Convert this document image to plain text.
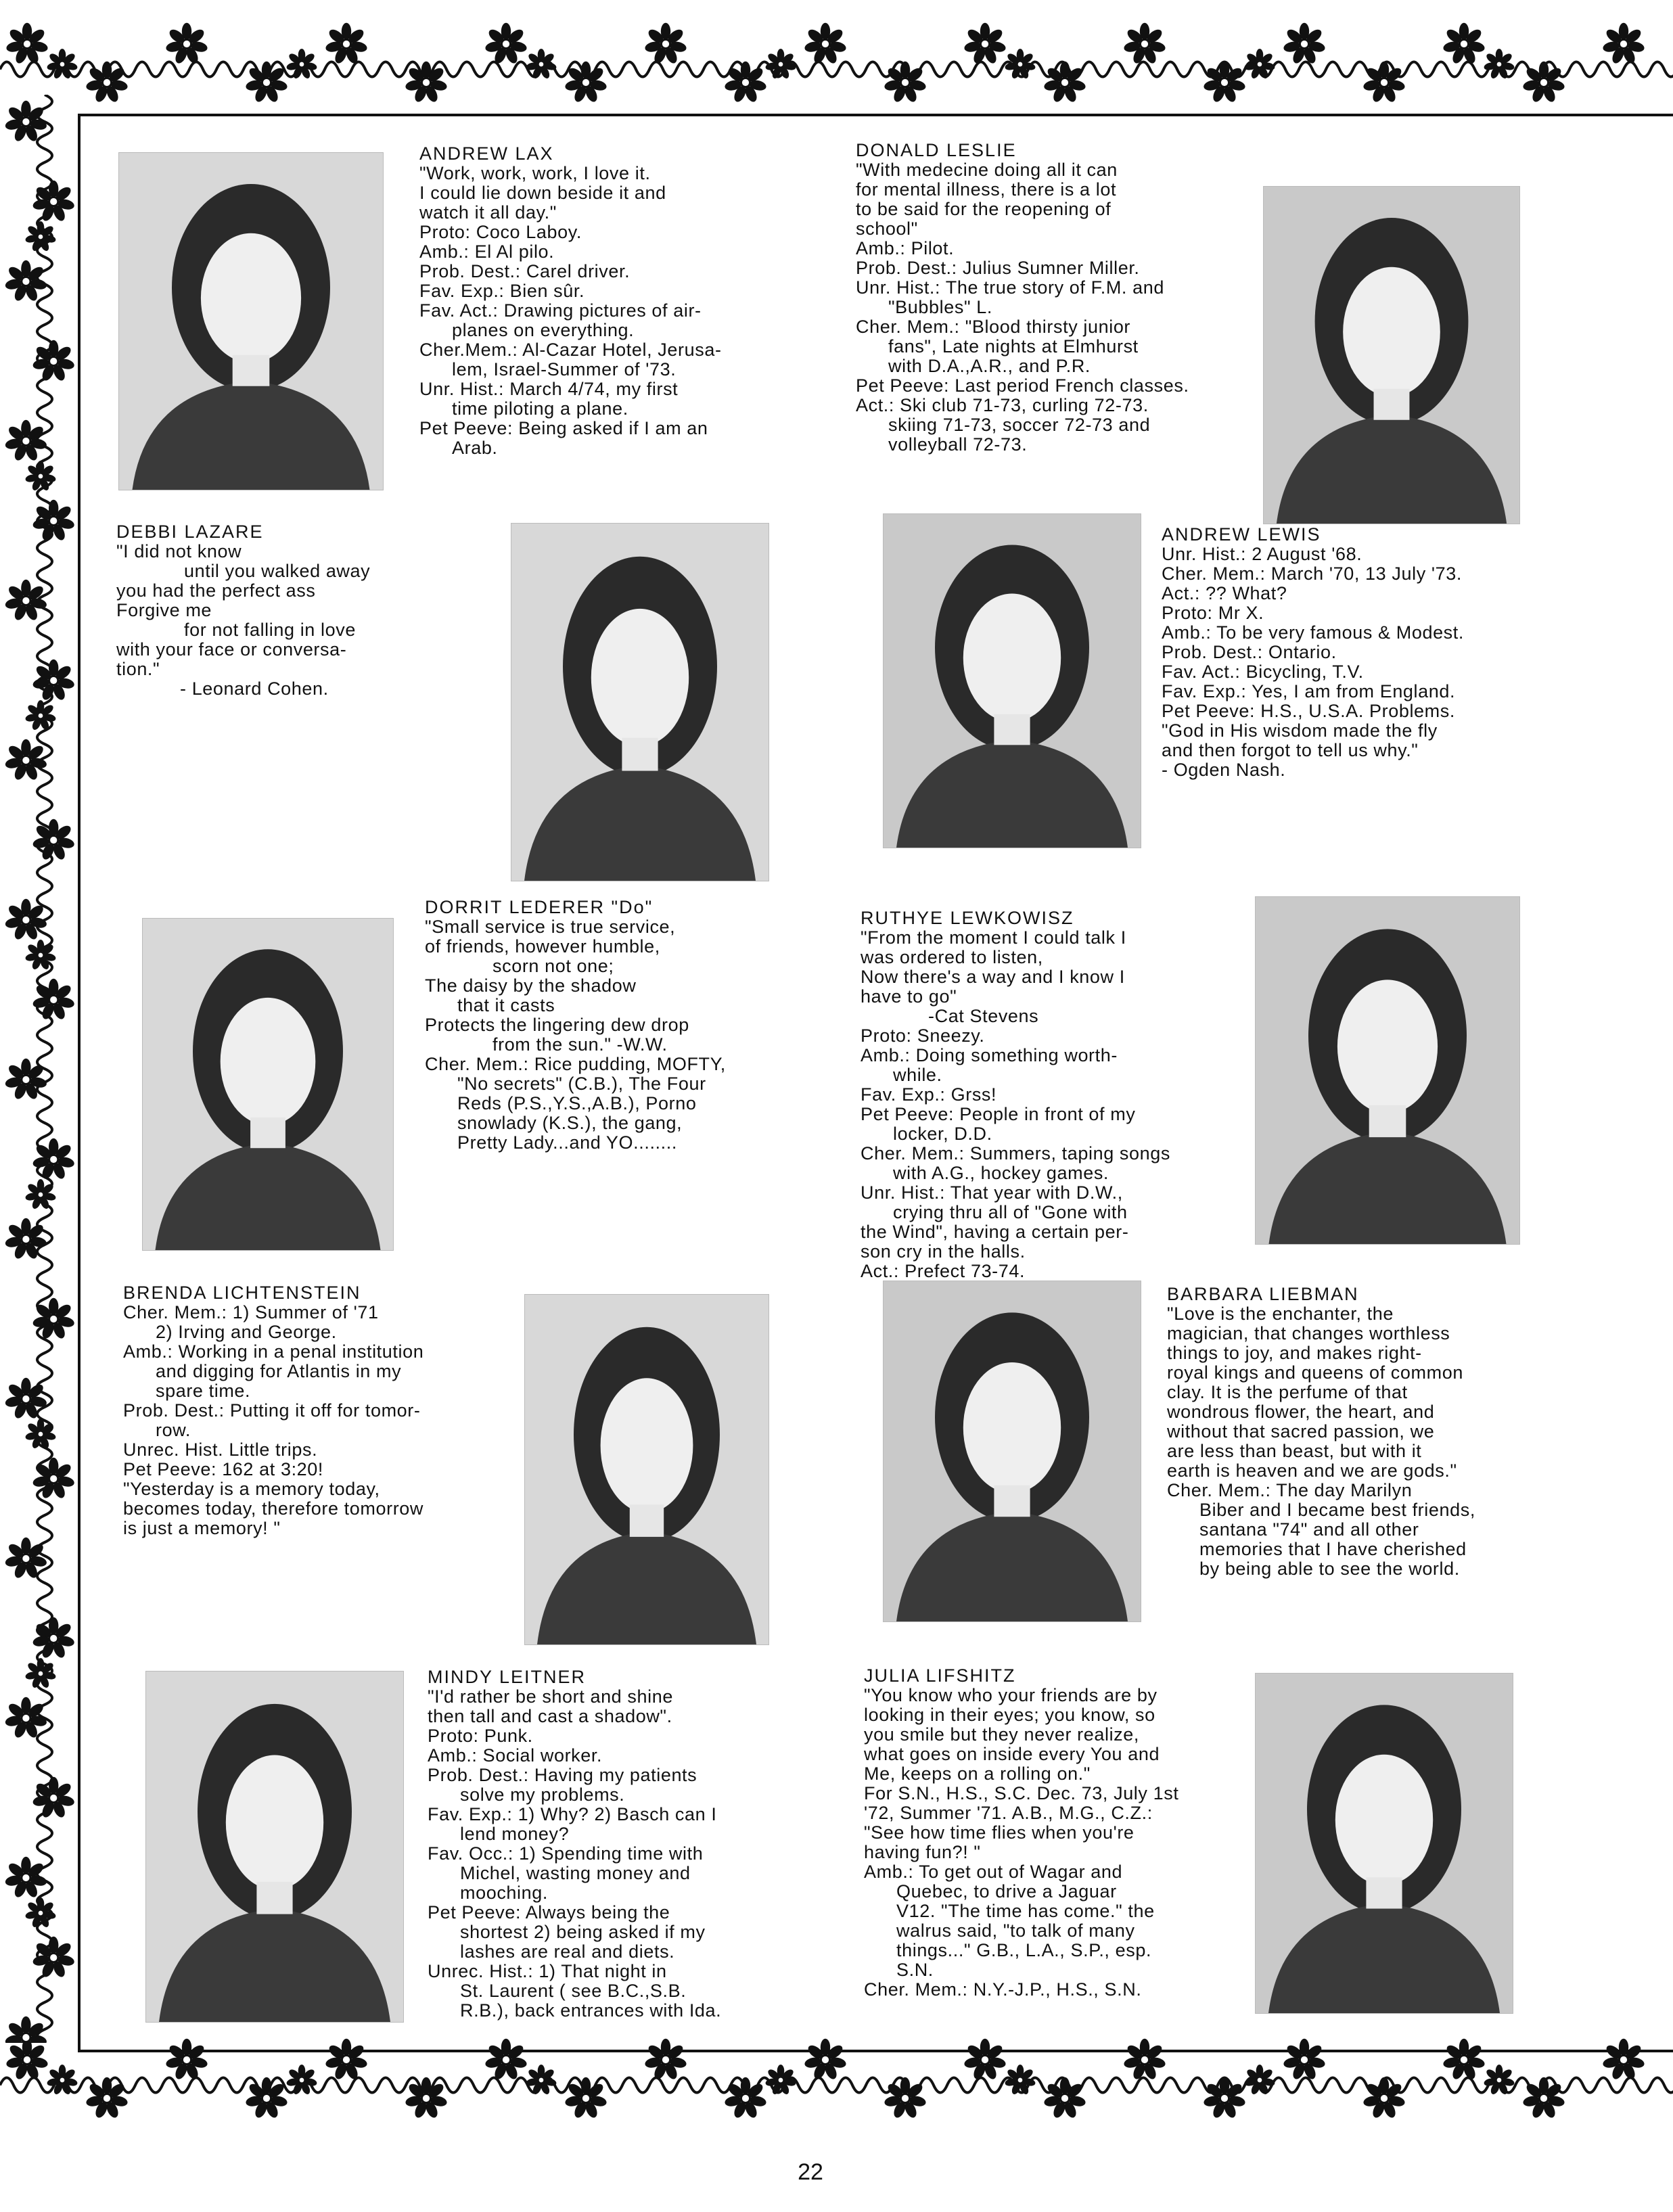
ANDREW LAX
"Work, work, work, I love it.
I could lie down beside it and
watch it all day."
Proto: Coco Laboy.
Amb.: El Al pilo.
Prob. Dest.: Carel driver.
Fav. Exp.: Bien sûr.
Fav. Act.: Drawing pictures of air-
planes on everything.
Cher.Mem.: Al-Cazar Hotel, Jerusa-
lem, Israel-Summer of '73.
Unr. Hist.: March 4/74, my first
time piloting a plane.
Pet Peeve: Being asked if I am an
Arab.
DONALD LESLIE
"With medecine doing all it can
for mental illness, there is a lot
to be said for the reopening of
school"
Amb.: Pilot.
Prob. Dest.: Julius Sumner Miller.
Unr. Hist.: The true story of F.M. and
"Bubbles" L.
Cher. Mem.: "Blood thirsty junior
fans", Late nights at Elmhurst
with D.A.,A.R., and P.R.
Pet Peeve: Last period French classes.
Act.: Ski club 71-73, curling 72-73.
skiing 71-73, soccer 72-73 and
volleyball 72-73.
DEBBI LAZARE
"I did not know
until you walked away
you had the perfect ass
Forgive me
for not falling in love
with your face or conversa-
tion."
- Leonard Cohen.
ANDREW LEWIS
Unr. Hist.: 2 August '68.
Cher. Mem.: March '70, 13 July '73.
Act.: ?? What?
Proto: Mr X.
Amb.: To be very famous & Modest.
Prob. Dest.: Ontario.
Fav. Act.: Bicycling, T.V.
Fav. Exp.: Yes, I am from England.
Pet Peeve: H.S., U.S.A. Problems.
"God in His wisdom made the fly
and then forgot to tell us why."
- Ogden Nash.
DORRIT LEDERER "Do"
"Small service is true service,
of friends, however humble,
scorn not one;
The daisy by the shadow
that it casts
Protects the lingering dew drop
from the sun." -W.W.
Cher. Mem.: Rice pudding, MOFTY,
"No secrets" (C.B.), The Four
Reds (P.S.,Y.S.,A.B.), Porno
snowlady (K.S.), the gang,
Pretty Lady...and YO........
RUTHYE LEWKOWISZ
"From the moment I could talk I
was ordered to listen,
Now there's a way and I know I
have to go"
-Cat Stevens
Proto: Sneezy.
Amb.: Doing something worth-
while.
Fav. Exp.: Grss!
Pet Peeve: People in front of my
locker, D.D.
Cher. Mem.: Summers, taping songs
with A.G., hockey games.
Unr. Hist.: That year with D.W.,
crying thru all of "Gone with
the Wind", having a certain per-
son cry in the halls.
Act.: Prefect 73-74.
BRENDA LICHTENSTEIN
Cher. Mem.: 1) Summer of '71
2) Irving and George.
Amb.: Working in a penal institution
and digging for Atlantis in my
spare time.
Prob. Dest.: Putting it off for tomor-
row.
Unrec. Hist. Little trips.
Pet Peeve: 162 at 3:20!
"Yesterday is a memory today,
becomes today, therefore tomorrow
is just a memory! "
BARBARA LIEBMAN
"Love is the enchanter, the
magician, that changes worthless
things to joy, and makes right-
royal kings and queens of common
clay. It is the perfume of that
wondrous flower, the heart, and
without that sacred passion, we
are less than beast, but with it
earth is heaven and we are gods."
Cher. Mem.: The day Marilyn
Biber and I became best friends,
santana "74" and all other
memories that I have cherished
by being able to see the world.
MINDY LEITNER
"I'd rather be short and shine
then tall and cast a shadow".
Proto: Punk.
Amb.: Social worker.
Prob. Dest.: Having my patients
solve my problems.
Fav. Exp.: 1) Why? 2) Basch can I
lend money?
Fav. Occ.: 1) Spending time with
Michel, wasting money and
mooching.
Pet Peeve: Always being the
shortest 2) being asked if my
lashes are real and diets.
Unrec. Hist.: 1) That night in
St. Laurent ( see B.C.,S.B.
R.B.), back entrances with Ida.
JULIA LIFSHITZ
"You know who your friends are by
looking in their eyes; you know, so
you smile but they never realize,
what goes on inside every You and
Me, keeps on a rolling on."
For S.N., H.S., S.C. Dec. 73, July 1st
'72, Summer '71. A.B., M.G., C.Z.:
"See how time flies when you're
having fun?! "
Amb.: To get out of Wagar and
Quebec, to drive a Jaguar
V12. "The time has come." the
walrus said, "to talk of many
things..." G.B., L.A., S.P., esp.
S.N.
Cher. Mem.: N.Y.-J.P., H.S., S.N.
22
